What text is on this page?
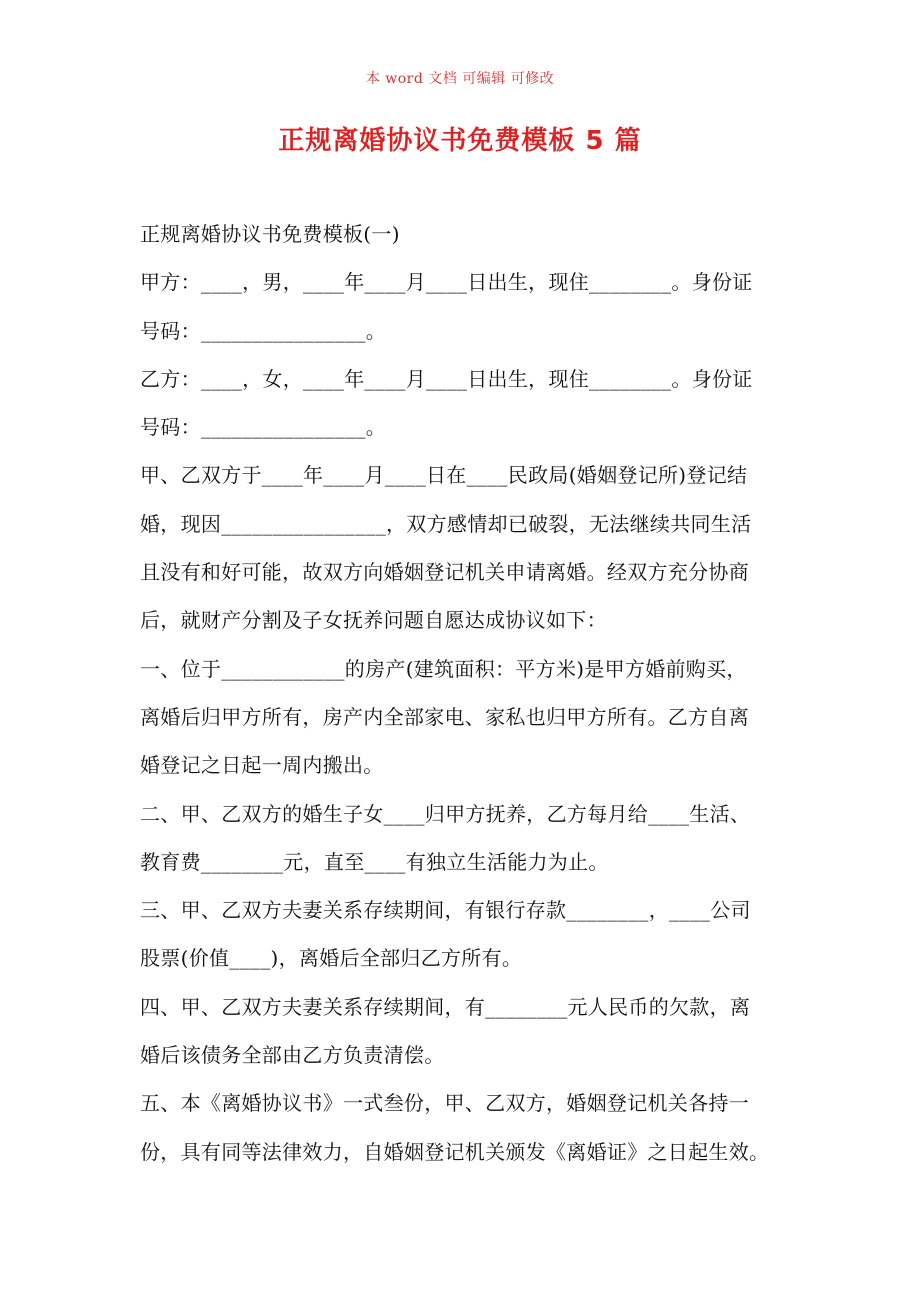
本 word 文档 可编辑 可修改
正规离婚协议书免费模板 5 篇
正规离婚协议书免费模板(一)
甲方：____，男，____年____月____日出生，现住________。身份证
号码：________________。
乙方：____，女，____年____月____日出生，现住________。身份证
号码：________________。
甲、乙双方于____年____月____日在____民政局(婚姻登记所)登记结
婚，现因________________，双方感情却已破裂，无法继续共同生活
且没有和好可能，故双方向婚姻登记机关申请离婚。经双方充分协商
后，就财产分割及子女抚养问题自愿达成协议如下：
一、位于____________的房产(建筑面积：平方米)是甲方婚前购买，
离婚后归甲方所有，房产内全部家电、家私也归甲方所有。乙方自离
婚登记之日起一周内搬出。
二、甲、乙双方的婚生子女____归甲方抚养，乙方每月给____生活、
教育费________元，直至____有独立生活能力为止。
三、甲、乙双方夫妻关系存续期间，有银行存款________，____公司
股票(价值____)，离婚后全部归乙方所有。
四、甲、乙双方夫妻关系存续期间，有________元人民币的欠款，离
婚后该债务全部由乙方负责清偿。
五、本《离婚协议书》一式叁份，甲、乙双方，婚姻登记机关各持一
份，具有同等法律效力，自婚姻登记机关颁发《离婚证》之日起生效。
